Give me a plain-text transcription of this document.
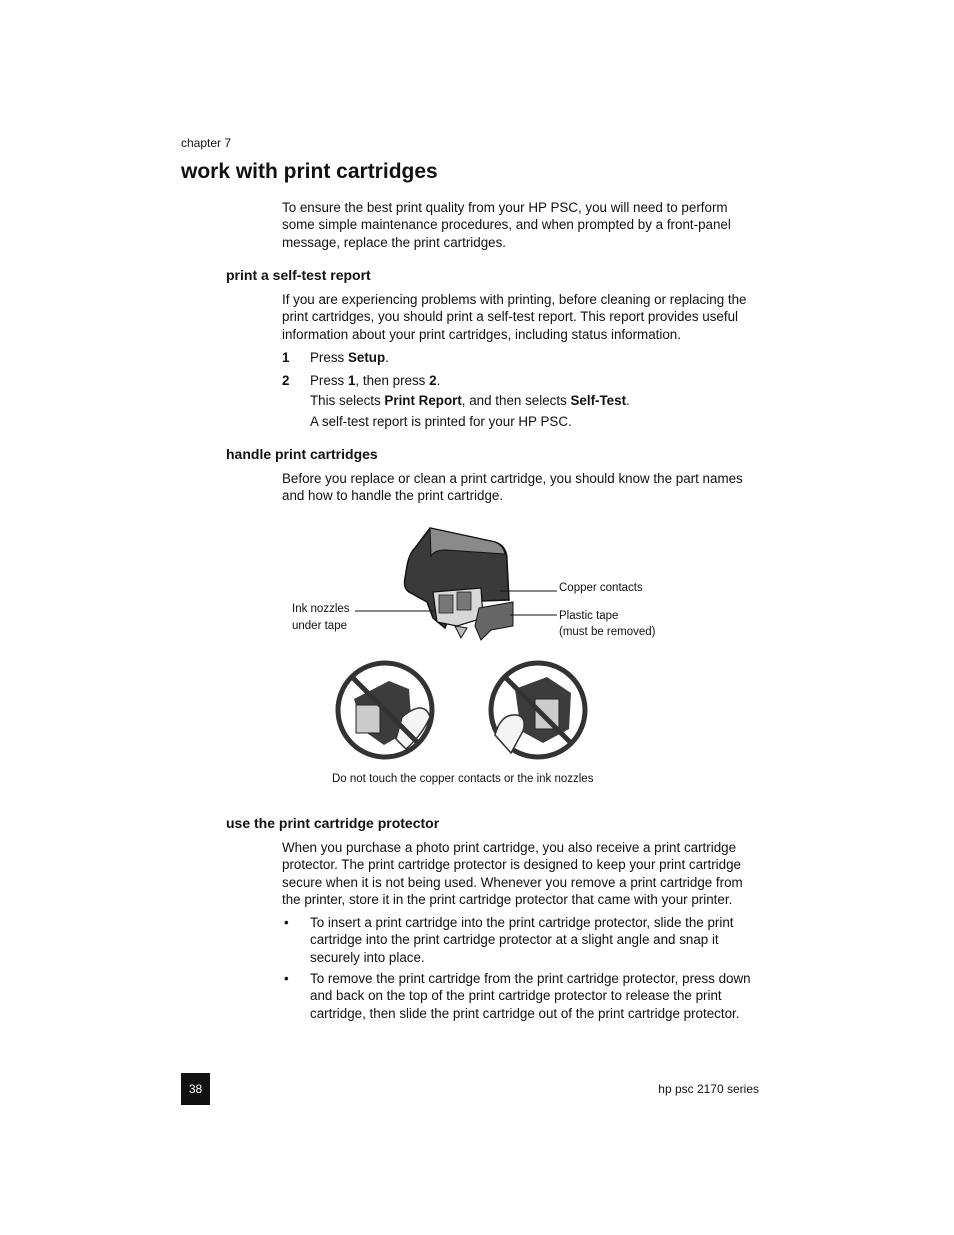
chapter 7
work with print cartridges

To ensure the best print quality from your HP PSC, you will need to perform some simple maintenance procedures, and when prompted by a front-panel message, replace the print cartridges.

print a self-test report

If you are experiencing problems with printing, before cleaning or replacing the print cartridges, you should print a self-test report. This report provides useful information about your print cartridges, including status information.

1 Press Setup.
2 Press 1, then press 2.
This selects Print Report, and then selects Self-Test.
A self-test report is printed for your HP PSC.
handle print cartridges

Before you replace or clean a print cartridge, you should know the part names and how to handle the print cartridge.

Copper contacts
Plastic tape
(must be removed)
Ink nozzles
under tape
Do not touch the copper contacts or the ink nozzles
use the print cartridge protector

When you purchase a photo print cartridge, you also receive a print cartridge protector. The print cartridge protector is designed to keep your print cartridge secure when it is not being used. Whenever you remove a print cartridge from the printer, store it in the print cartridge protector that came with your printer.

• To insert a print cartridge into the print cartridge protector, slide the print cartridge into the print cartridge protector at a slight angle and snap it securely into place.
• To remove the print cartridge from the print cartridge protector, press down and back on the top of the print cartridge protector to release the print cartridge, then slide the print cartridge out of the print cartridge protector.
38	hp psc 2170 series
